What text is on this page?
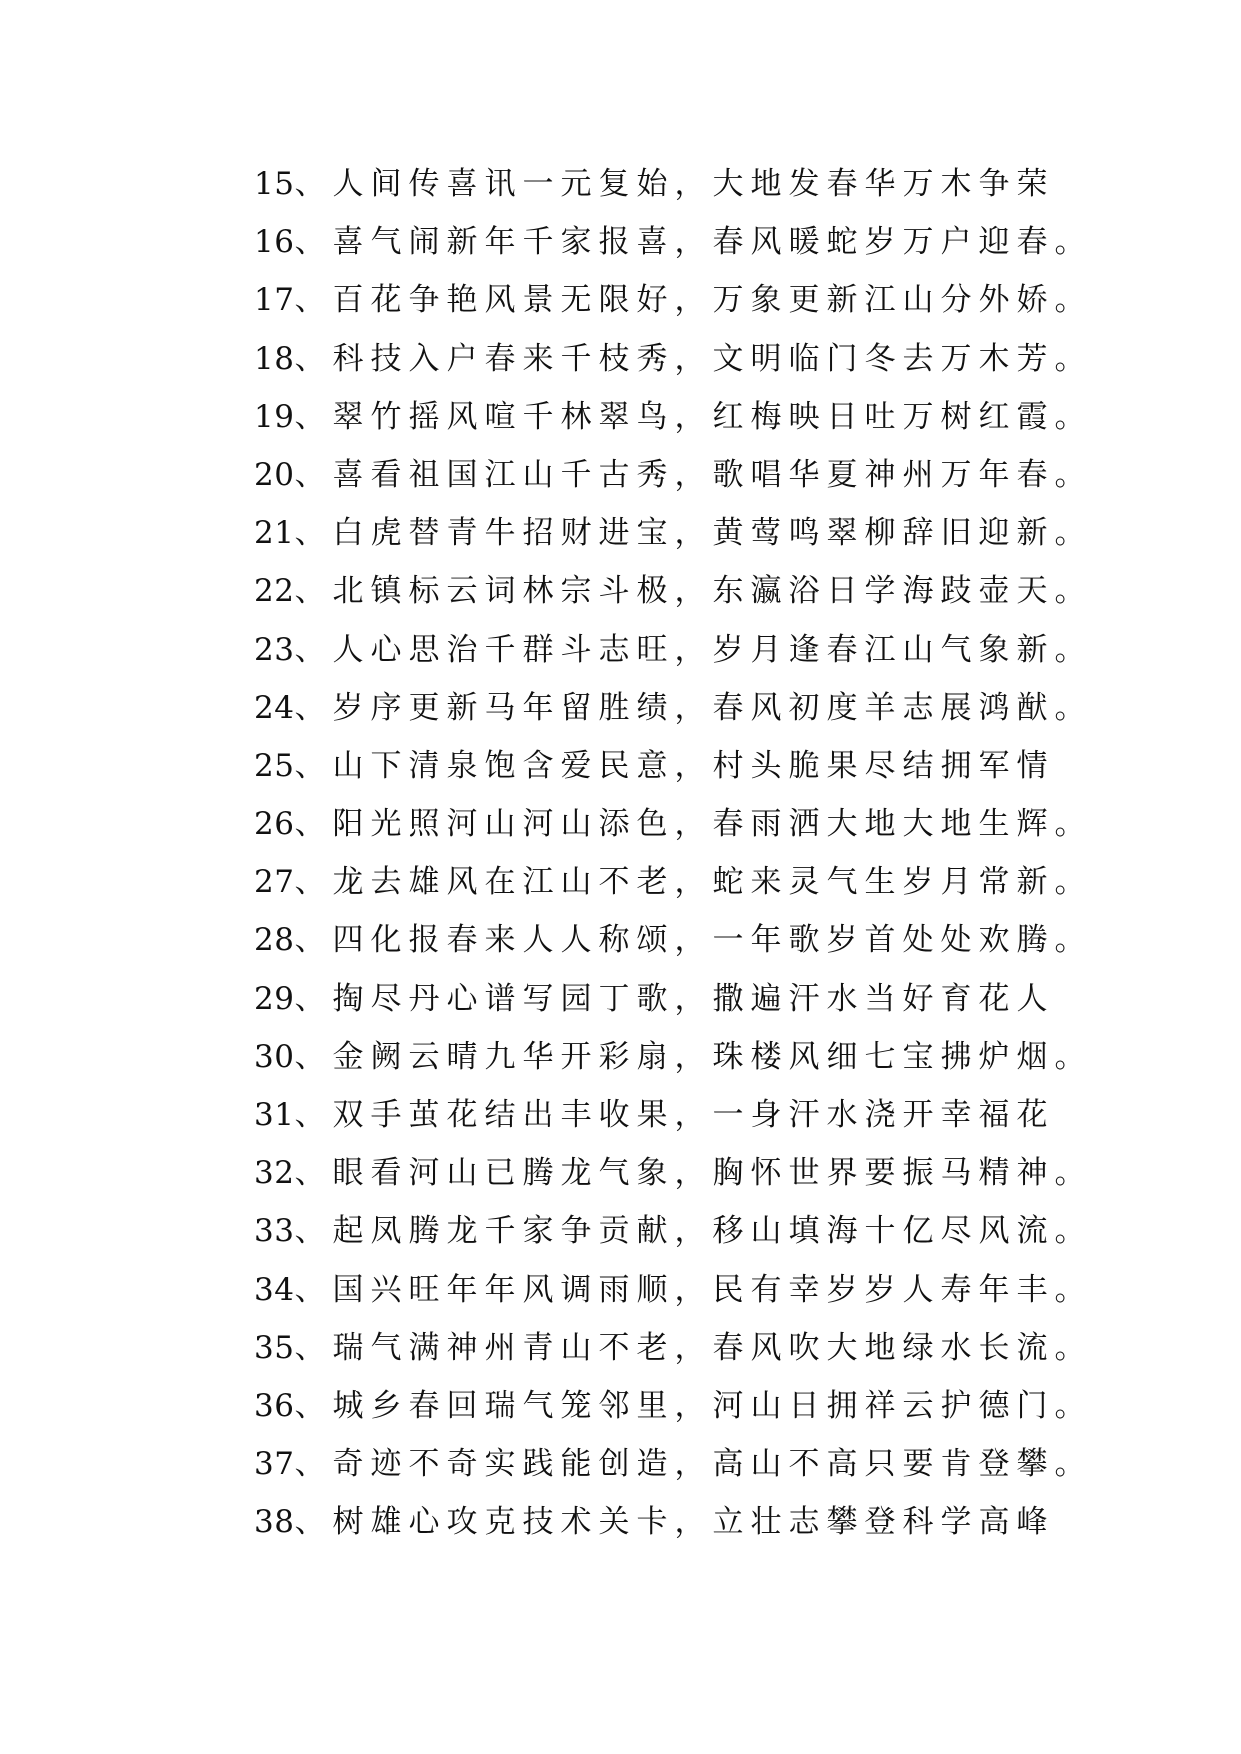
15、人间传喜讯一元复始，大地发春华万木争荣
16、喜气闹新年千家报喜，春风暖蛇岁万户迎春。
17、百花争艳风景无限好，万象更新江山分外娇。
18、科技入户春来千枝秀，文明临门冬去万木芳。
19、翠竹摇风喧千林翠鸟，红梅映日吐万树红霞。
20、喜看祖国江山千古秀，歌唱华夏神州万年春。
21、白虎替青牛招财进宝，黄莺鸣翠柳辞旧迎新。
22、北镇标云词林宗斗极，东瀛浴日学海跂壶天。
23、人心思治千群斗志旺，岁月逢春江山气象新。
24、岁序更新马年留胜绩，春风初度羊志展鸿猷。
25、山下清泉饱含爱民意，村头脆果尽结拥军情
26、阳光照河山河山添色，春雨洒大地大地生辉。
27、龙去雄风在江山不老，蛇来灵气生岁月常新。
28、四化报春来人人称颂，一年歌岁首处处欢腾。
29、掏尽丹心谱写园丁歌，撒遍汗水当好育花人
30、金阙云晴九华开彩扇，珠楼风细七宝拂炉烟。
31、双手茧花结出丰收果，一身汗水浇开幸福花
32、眼看河山已腾龙气象，胸怀世界要振马精神。
33、起凤腾龙千家争贡献，移山填海十亿尽风流。
34、国兴旺年年风调雨顺，民有幸岁岁人寿年丰。
35、瑞气满神州青山不老，春风吹大地绿水长流。
36、城乡春回瑞气笼邻里，河山日拥祥云护德门。
37、奇迹不奇实践能创造，高山不高只要肯登攀。
38、树雄心攻克技术关卡，立壮志攀登科学高峰
